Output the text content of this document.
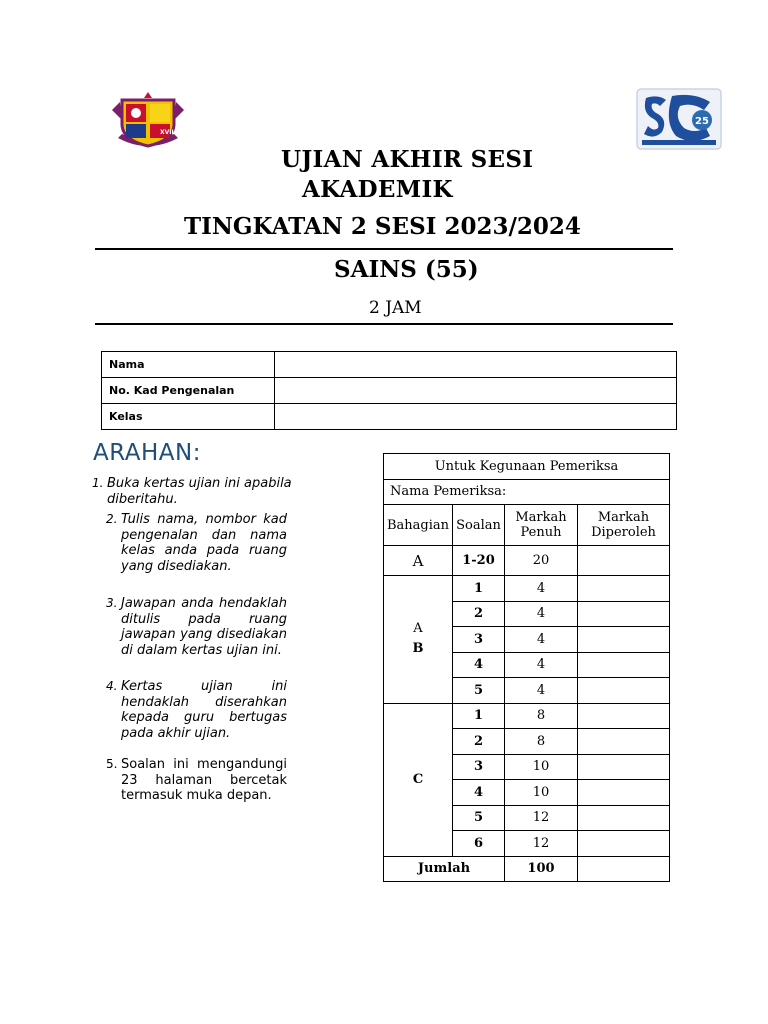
XVII
25
UJIAN AKHIR SESI
AKADEMIK
TINGKATAN 2 SESI 2023/2024
SAINS (55)
2 JAM
Nama	
No. Kad Pengenalan	
Kelas	
ARAHAN:
1. Buka kertas ujian ini apabila diberitahu.
2. Tulis nama, nombor kad pengenalan dan nama kelas anda pada ruang yang disediakan.
3. Jawapan anda hendaklah ditulis pada ruang jawapan yang disediakan di dalam kertas ujian ini.
4. Kertas ujian ini hendaklah diserahkan kepada guru bertugas pada akhir ujian.
5. Soalan ini mengandungi 23 halaman bercetak termasuk muka depan.
Untuk Kegunaan Pemeriksa			
Nama Pemeriksa:			
Bahagian	Soalan	Markah Penuh	Markah Diperoleh
A	1-20	20	
A
B	1	4	
	2	4	
	3	4	
	4	4	
	5	4	
C	1	8	
	2	8	
	3	10	
	4	10	
	5	12	
	6	12	
Jumlah		100	
